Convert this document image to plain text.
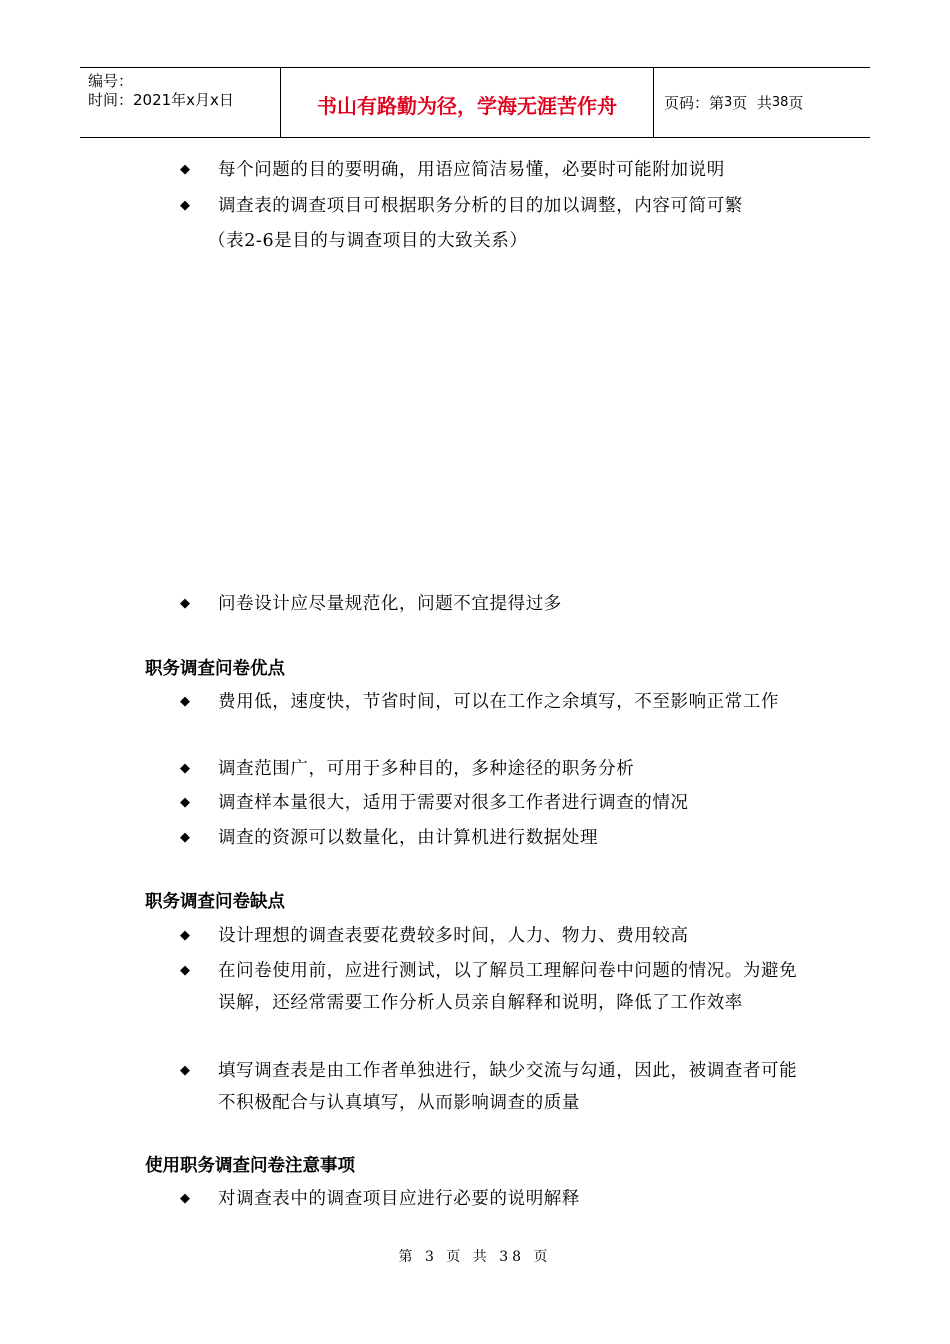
编号：
时间：2021年x月x日	书山有路勤为径，学海无涯苦作舟	页码：第 3 页  共 38 页
◆	每个问题的目的要明确，用语应简洁易懂，必要时可能附加说明
◆	调查表的调查项目可根据职务分析的目的加以调整，内容可简可繁
（表2-6是目的与调查项目的大致关系）
◆	问卷设计应尽量规范化，问题不宜提得过多
职务调查问卷优点
◆	费用低，速度快，节省时间，可以在工作之余填写，不至影响正常工作
◆	调查范围广，可用于多种目的，多种途径的职务分析
◆	调查样本量很大，适用于需要对很多工作者进行调查的情况
◆	调查的资源可以数量化，由计算机进行数据处理
职务调查问卷缺点
◆	设计理想的调查表要花费较多时间，人力、物力、费用较高
◆	在问卷使用前，应进行测试，以了解员工理解问卷中问题的情况。为避免误解，还经常需要工作分析人员亲自解释和说明，降低了工作效率
◆	填写调查表是由工作者单独进行，缺少交流与勾通，因此，被调查者可能不积极配合与认真填写，从而影响调查的质量
使用职务调查问卷注意事项
◆	对调查表中的调查项目应进行必要的说明解释
第 3 页 共 38 页
